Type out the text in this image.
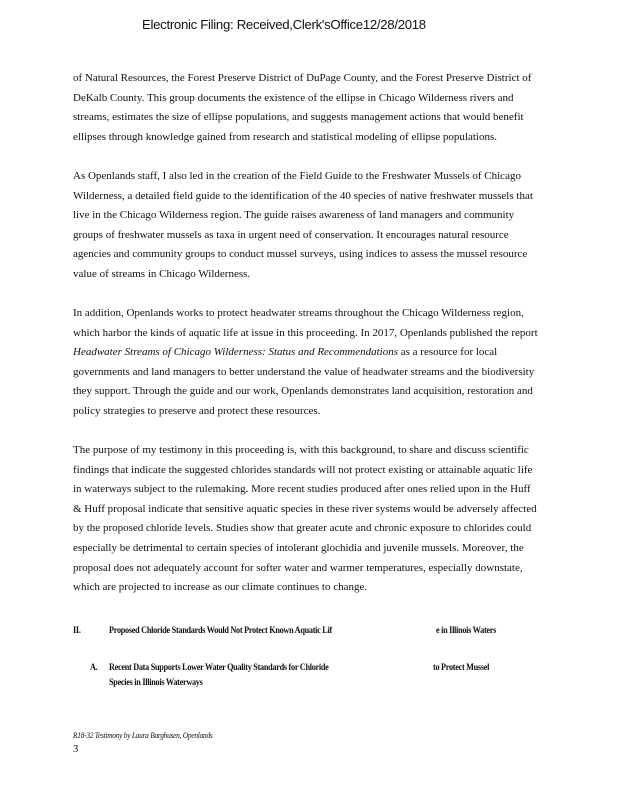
Electronic Filing: Received,Clerk'sOffice12/28/2018
of Natural Resources, the Forest Preserve District of DuPage County, and the Forest Preserve District of
DeKalb County. This group documents the existence of the ellipse in Chicago Wilderness rivers and
streams, estimates the size of ellipse populations, and suggests management actions that would benefit
ellipses through knowledge gained from research and statistical modeling of ellipse populations.
As Openlands staff, I also led in the creation of the Field Guide to the Freshwater Mussels of Chicago
Wilderness, a detailed field guide to the identification of the 40 species of native freshwater mussels that
live in the Chicago Wilderness region. The guide raises awareness of land managers and community
groups of freshwater mussels as taxa in urgent need of conservation. It encourages natural resource
agencies and community groups to conduct mussel surveys, using indices to assess the mussel resource
value of streams in Chicago Wilderness.
In addition, Openlands works to protect headwater streams throughout the Chicago Wilderness region,
which harbor the kinds of aquatic life at issue in this proceeding. In 2017, Openlands published the report
Headwater Streams of Chicago Wilderness: Status and Recommendations as a resource for local
governments and land managers to better understand the value of headwater streams and the biodiversity
they support. Through the guide and our work, Openlands demonstrates land acquisition, restoration and
policy strategies to preserve and protect these resources.
The purpose of my testimony in this proceeding is, with this background, to share and discuss scientific
findings that indicate the suggested chlorides standards will not protect existing or attainable aquatic life
in waterways subject to the rulemaking. More recent studies produced after ones relied upon in the Huff
& Huff proposal indicate that sensitive aquatic species in these river systems would be adversely affected
by the proposed chloride levels. Studies show that greater acute and chronic exposure to chlorides could
especially be detrimental to certain species of intolerant glochidia and juvenile mussels. Moreover, the
proposal does not adequately account for softer water and warmer temperatures, especially downstate,
which are projected to increase as our climate continues to change.
II.	Proposed Chloride Standards Would Not Protect Known Aquatic Lif	e in Illinois Waters
A. Recent Data Supports Lower Water Quality Standards for Chloride	to Protect Mussel
Species in Illinois Waterways
R18-32 Testimony by Laura Barghusen, Openlands
3
